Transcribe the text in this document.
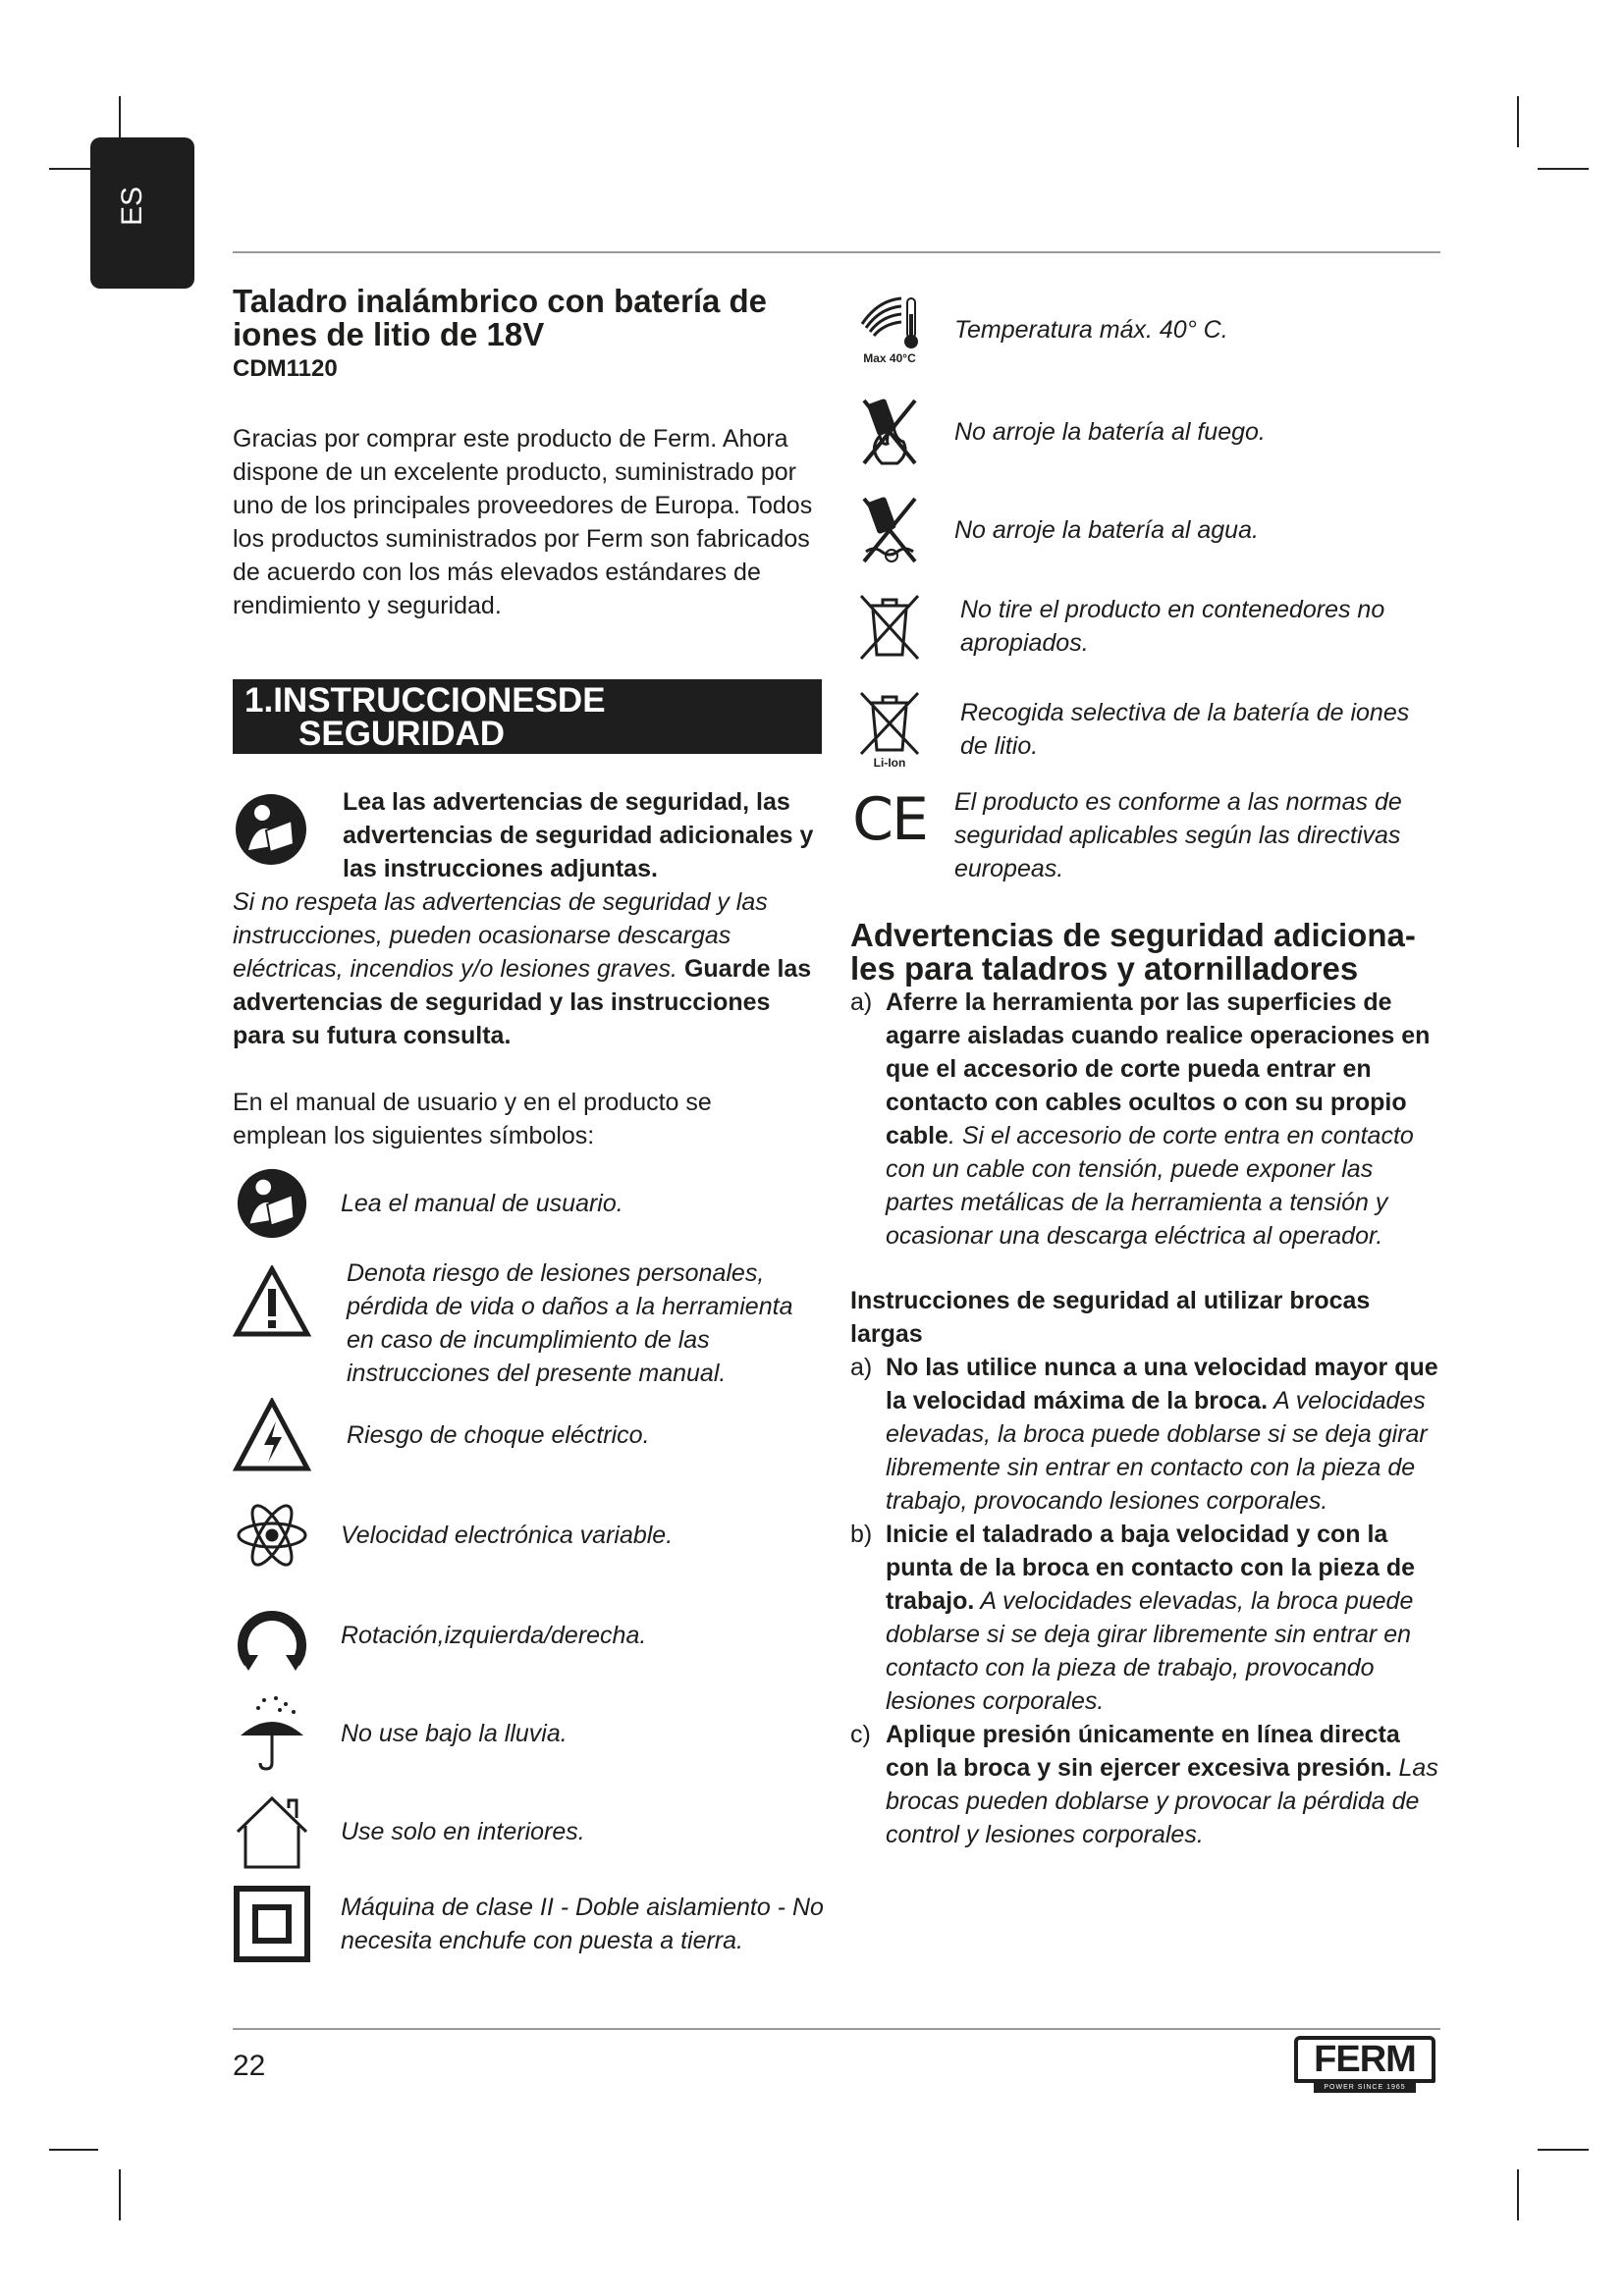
ES
Taladro inalámbrico con batería de iones de litio de 18V
CDM1120
Gracias por comprar este producto de Ferm. Ahora dispone de un excelente producto, suministrado por uno de los principales proveedores de Europa. Todos los productos suministrados por Ferm son fabricados de acuerdo con los más elevados estándares de rendimiento y seguridad.
1.INSTRUCCIONESDE
SEGURIDAD
Lea las advertencias de seguridad, las advertencias de seguridad adicionales y las instrucciones adjuntas.
Si no respeta las advertencias de seguridad y las instrucciones, pueden ocasionarse descargas eléctricas, incendios y/o lesiones graves. Guarde las advertencias de seguridad y las instrucciones para su futura consulta.
En el manual de usuario y en el producto se emplean los siguientes símbolos:
Lea el manual de usuario.
Denota riesgo de lesiones personales, pérdida de vida o daños a la herramienta en caso de incumplimiento de las instrucciones del presente manual.
Riesgo de choque eléctrico.
Velocidad electrónica variable.
Rotación,izquierda/derecha.
No use bajo la lluvia.
Use solo en interiores.
Máquina de clase II - Doble aislamiento - No necesita enchufe con puesta a tierra.
Max 40°C
Temperatura máx. 40° C.
No arroje la batería al fuego.
No arroje la batería al agua.
No tire el producto en contenedores no apropiados.
Li-Ion
Recogida selectiva de la batería de iones de litio.
CE	El producto es conforme a las normas de seguridad aplicables según las directivas europeas.
Advertencias de seguridad adiciona-
les para taladros y atornilladores
a) Aferre la herramienta por las superficies de agarre aisladas cuando realice operaciones en que el accesorio de corte pueda entrar en contacto con cables ocultos o con su propio cable. Si el accesorio de corte entra en contacto con un cable con tensión, puede exponer las partes metálicas de la herramienta a tensión y ocasionar una descarga eléctrica al operador.
Instrucciones de seguridad al utilizar brocas largas
a) No las utilice nunca a una velocidad mayor que la velocidad máxima de la broca. A velocidades elevadas, la broca puede doblarse si se deja girar libremente sin entrar en contacto con la pieza de trabajo, provocando lesiones corporales.
b) Inicie el taladrado a baja velocidad y con la punta de la broca en contacto con la pieza de trabajo. A velocidades elevadas, la broca puede doblarse si se deja girar libremente sin entrar en contacto con la pieza de trabajo, provocando lesiones corporales.
c) Aplique presión únicamente en línea directa con la broca y sin ejercer excesiva presión. Las brocas pueden doblarse y provocar la pérdida de control y lesiones corporales.
22	FERM
POWER SINCE 1965
